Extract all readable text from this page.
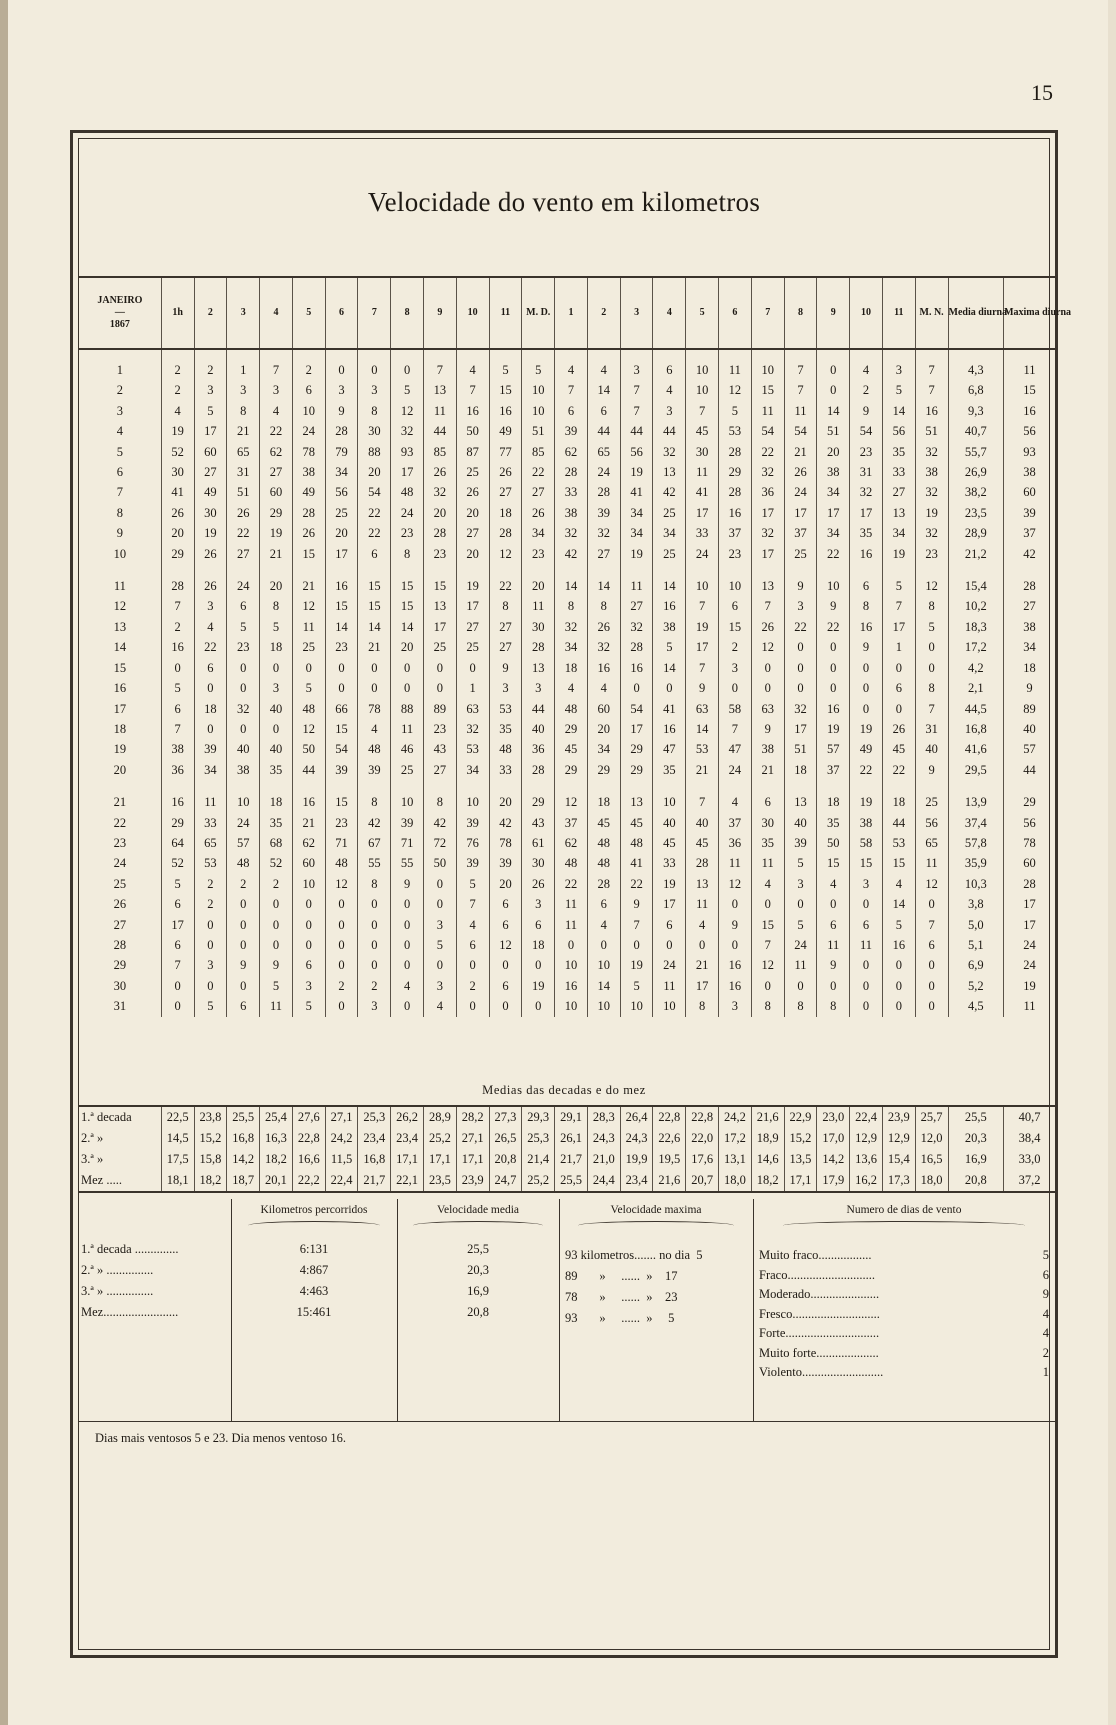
15
Velocidade do vento em kilometros
JANEIRO
—
1867	1h	2	3	4	5	6	7	8	9	10	11	M. D.	1	2	3	4	5	6	7	8	9	10	11	M. N.	Media diurna	Maxima diurna
1	2	2	1	7	2	0	0	0	7	4	5	5	4	4	3	6	10	11	10	7	0	4	3	7	4,3	11
2	2	3	3	3	6	3	3	5	13	7	15	10	7	14	7	4	10	12	15	7	0	2	5	7	6,8	15
3	4	5	8	4	10	9	8	12	11	16	16	10	6	6	7	3	7	5	11	11	14	9	14	16	9,3	16
4	19	17	21	22	24	28	30	32	44	50	49	51	39	44	44	44	45	53	54	54	51	54	56	51	40,7	56
5	52	60	65	62	78	79	88	93	85	87	77	85	62	65	56	32	30	28	22	21	20	23	35	32	55,7	93
6	30	27	31	27	38	34	20	17	26	25	26	22	28	24	19	13	11	29	32	26	38	31	33	38	26,9	38
7	41	49	51	60	49	56	54	48	32	26	27	27	33	28	41	42	41	28	36	24	34	32	27	32	38,2	60
8	26	30	26	29	28	25	22	24	20	20	18	26	38	39	34	25	17	16	17	17	17	17	13	19	23,5	39
9	20	19	22	19	26	20	22	23	28	27	28	34	32	32	34	34	33	37	32	37	34	35	34	32	28,9	37
10	29	26	27	21	15	17	6	8	23	20	12	23	42	27	19	25	24	23	17	25	22	16	19	23	21,2	42

11	28	26	24	20	21	16	15	15	15	19	22	20	14	14	11	14	10	10	13	9	10	6	5	12	15,4	28
12	7	3	6	8	12	15	15	15	13	17	8	11	8	8	27	16	7	6	7	3	9	8	7	8	10,2	27
13	2	4	5	5	11	14	14	14	17	27	27	30	32	26	32	38	19	15	26	22	22	16	17	5	18,3	38
14	16	22	23	18	25	23	21	20	25	25	27	28	34	32	28	5	17	2	12	0	0	9	1	0	17,2	34
15	0	6	0	0	0	0	0	0	0	0	9	13	18	16	16	14	7	3	0	0	0	0	0	0	4,2	18
16	5	0	0	3	5	0	0	0	0	1	3	3	4	4	0	0	9	0	0	0	0	0	6	8	2,1	9
17	6	18	32	40	48	66	78	88	89	63	53	44	48	60	54	41	63	58	63	32	16	0	0	7	44,5	89
18	7	0	0	0	12	15	4	11	23	32	35	40	29	20	17	16	14	7	9	17	19	19	26	31	16,8	40
19	38	39	40	40	50	54	48	46	43	53	48	36	45	34	29	47	53	47	38	51	57	49	45	40	41,6	57
20	36	34	38	35	44	39	39	25	27	34	33	28	29	29	29	35	21	24	21	18	37	22	22	9	29,5	44

21	16	11	10	18	16	15	8	10	8	10	20	29	12	18	13	10	7	4	6	13	18	19	18	25	13,9	29
22	29	33	24	35	21	23	42	39	42	39	42	43	37	45	45	40	40	37	30	40	35	38	44	56	37,4	56
23	64	65	57	68	62	71	67	71	72	76	78	61	62	48	48	45	45	36	35	39	50	58	53	65	57,8	78
24	52	53	48	52	60	48	55	55	50	39	39	30	48	48	41	33	28	11	11	5	15	15	15	11	35,9	60
25	5	2	2	2	10	12	8	9	0	5	20	26	22	28	22	19	13	12	4	3	4	3	4	12	10,3	28
26	6	2	0	0	0	0	0	0	0	7	6	3	11	6	9	17	11	0	0	0	0	0	14	0	3,8	17
27	17	0	0	0	0	0	0	0	3	4	6	6	11	4	7	6	4	9	15	5	6	6	5	7	5,0	17
28	6	0	0	0	0	0	0	0	5	6	12	18	0	0	0	0	0	0	7	24	11	11	16	6	5,1	24
29	7	3	9	9	6	0	0	0	0	0	0	0	10	10	19	24	21	16	12	11	9	0	0	0	6,9	24
30	0	0	0	5	3	2	2	4	3	2	6	19	16	14	5	11	17	16	0	0	0	0	0	0	5,2	19
31	0	5	6	11	5	0	3	0	4	0	0	0	10	10	10	10	8	3	8	8	8	0	0	0	4,5	11
Medias das decadas e do mez
1.ª decada	22,5	23,8	25,5	25,4	27,6	27,1	25,3	26,2	28,9	28,2	27,3	29,3	29,1	28,3	26,4	22,8	22,8	24,2	21,6	22,9	23,0	22,4	23,9	25,7	25,5	40,7
2.ª »	14,5	15,2	16,8	16,3	22,8	24,2	23,4	23,4	25,2	27,1	26,5	25,3	26,1	24,3	24,3	22,6	22,0	17,2	18,9	15,2	17,0	12,9	12,9	12,0	20,3	38,4
3.ª »	17,5	15,8	14,2	18,2	16,6	11,5	16,8	17,1	17,1	17,1	20,8	21,4	21,7	21,0	19,9	19,5	17,6	13,1	14,6	13,5	14,2	13,6	15,4	16,5	16,9	33,0
Mez .....	18,1	18,2	18,7	20,1	22,2	22,4	21,7	22,1	23,5	23,9	24,7	25,2	25,5	24,4	23,4	21,6	20,7	18,0	18,2	17,1	17,9	16,2	17,3	18,0	20,8	37,2
Kilometros percorridos	Velocidade media	Velocidade maxima	Numero de dias de vento
1.ª decada ..............	6:131	25,5	93 kilometros....... no dia  5
2.ª » ...............	4:867	20,3	89       »     ......  »    17
3.ª » ...............	4:463	16,9	78       »     ......  »    23
Mez........................	15:461	20,8	93       »     ......  »     5
Muito fraco.................	5
Fraco............................	6
Moderado......................	9
Fresco............................	4
Forte..............................	4
Muito forte....................	2
Violento..........................	1
Dias mais ventosos 5 e 23. Dia menos ventoso 16.
